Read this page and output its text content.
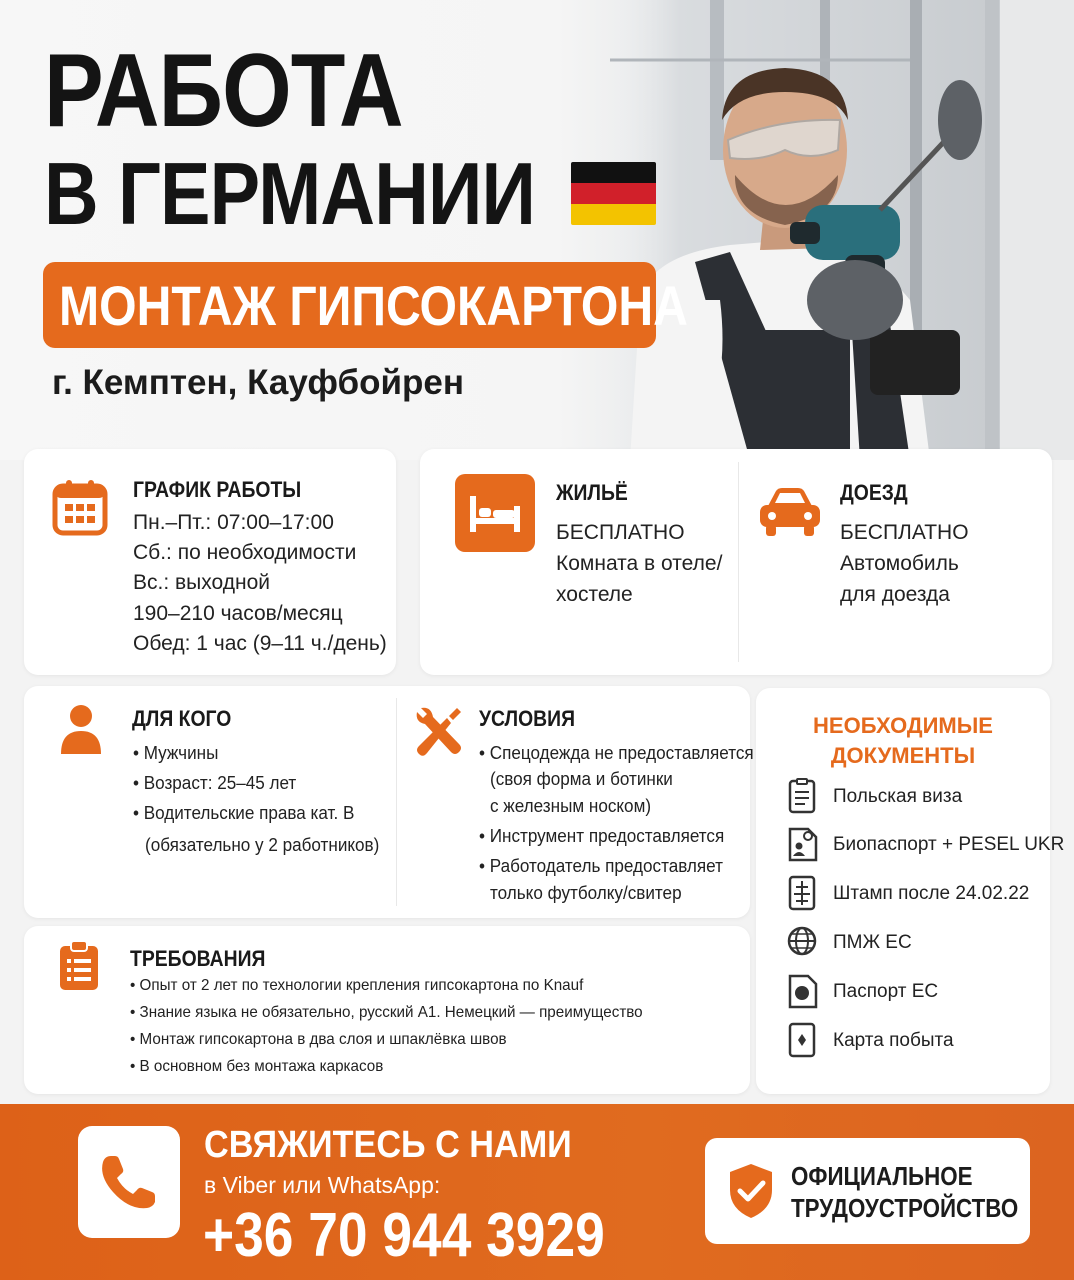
РАБОТА
В ГЕРМАНИИ
МОНТАЖ ГИПСОКАРТОНА
г. Кемптен, Кауфбойрен
ГРАФИК РАБОТЫ
Пн.–Пт.: 07:00–17:00
Сб.: по необходимости
Вс.: выходной
190–210 часов/месяц
Обед: 1 час (9–11 ч./день)
ЖИЛЬЁ
БЕСПЛАТНО
Комната в отеле/
хостеле
ДОЕЗД
БЕСПЛАТНО
Автомобиль
для доезда
ДЛЯ КОГО
• Мужчины
• Возраст: 25–45 лет
• Водительские права кат. B
(обязательно у 2 работников)
УСЛОВИЯ
• Спецодежда не предоставляется
(своя форма и ботинки
с железным носком)
• Инструмент предоставляется
• Работодатель предоставляет
только футболку/свитер
ТРЕБОВАНИЯ
• Опыт от 2 лет по технологии крепления гипсокартона по Knauf
• Знание языка не обязательно, русский A1. Немецкий — преимущество
• Монтаж гипсокартона в два слоя и шпаклёвка швов
• В основном без монтажа каркасов
НЕОБХОДИМЫЕ
ДОКУМЕНТЫ
Польская виза
Биопаспорт + PESEL UKR
Штамп после 24.02.22
ПМЖ ЕС
Паспорт ЕС
Карта побыта
СВЯЖИТЕСЬ С НАМИ
в Viber или WhatsApp:
+36 70 944 3929
ОФИЦИАЛЬНОЕ
ТРУДОУСТРОЙСТВО
